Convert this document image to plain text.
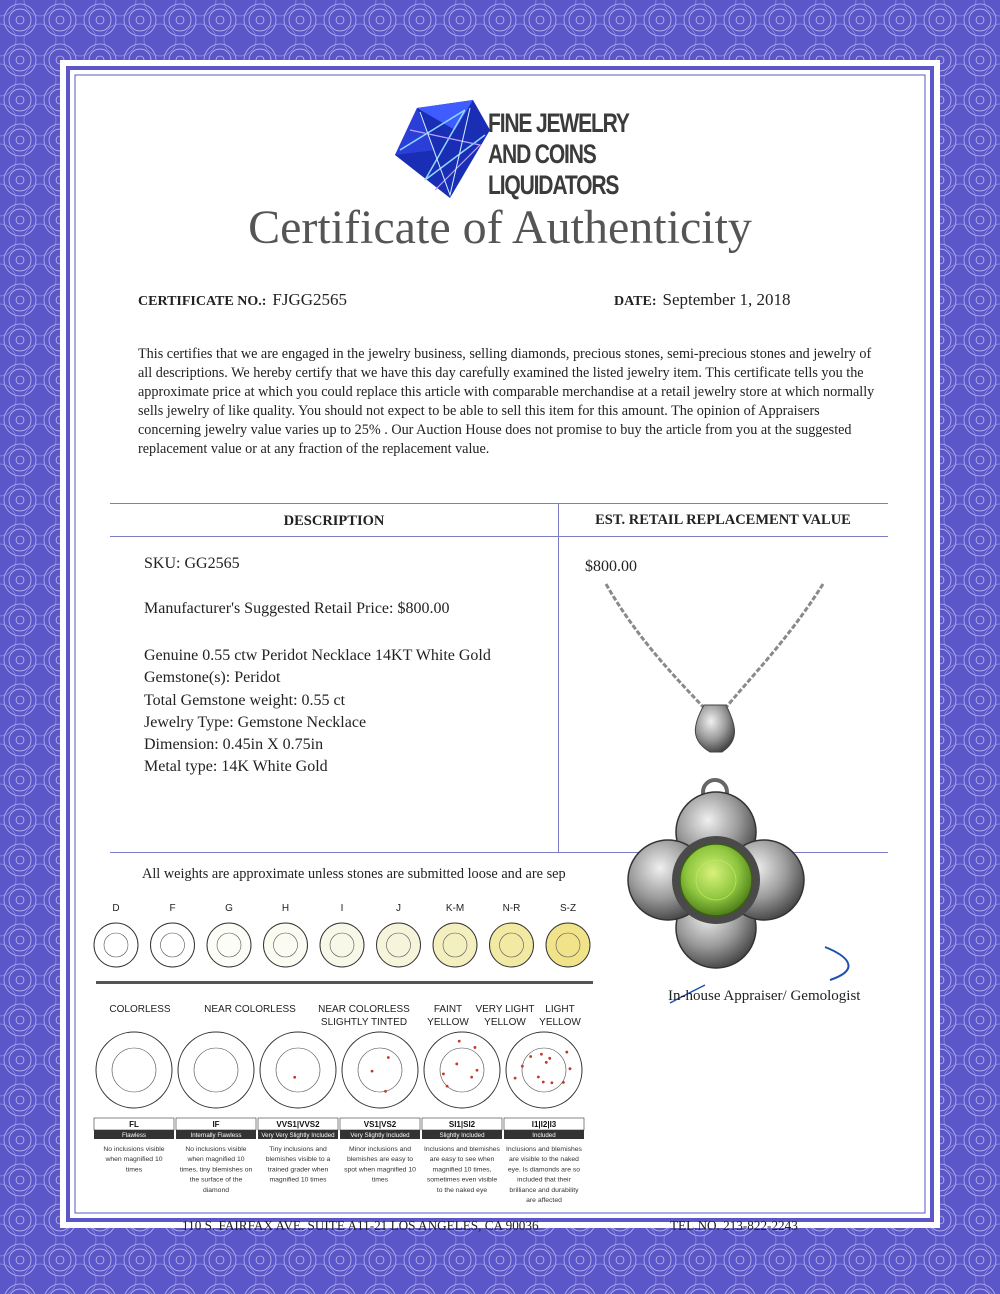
FINE JEWELRY
AND COINS
LIQUIDATORS
Certificate of Authenticity
CERTIFICATE NO.: FJGG2565	DATE: September 1, 2018
This certifies that we are engaged in the jewelry business, selling diamonds, precious stones, semi-precious stones and jewelry of all descriptions. We hereby certify that we have this day carefully examined the listed jewelry item. This certificate tells you the approximate price at which you could replace this article with comparable merchandise at a retail jewelry store at which normally sells jewelry of like quality. You should not expect to be able to sell this item for this amount. The opinion of Appraisers concerning jewelry value varies up to 25% . Our Auction House does not promise to buy the article from you at the suggested replacement value or at any fraction of the replacement value.
DESCRIPTION	EST. RETAIL REPLACEMENT VALUE
SKU: GG2565
Manufacturer's Suggested Retail Price: $800.00
Genuine 0.55 ctw Peridot Necklace 14KT White Gold
Gemstone(s): Peridot
Total Gemstone weight: 0.55 ct
Jewelry Type: Gemstone Necklace
Dimension: 0.45in X 0.75in
Metal type: 14K White Gold
$800.00
All weights are approximate unless stones are submitted loose and are sep
D	F	G	H	I	J	K-M	N-R	S-Z
COLORLESS	NEAR COLORLESS NEAR COLORLESS
SLIGHTLY TINTED
FAINT
YELLOW
VERY LIGHT
YELLOW
LIGHT
YELLOW
FL
Flawless
No inclusions visible
when magnified 10
times
IF
Internally Flawless
No inclusions visible
when magnified 10
times, tiny blemishes on
the surface of the
diamond
VVS1|VVS2
Very Very Slightly Included
Tiny inclusions and
blemishes visible to a
trained grader when
magnified 10 times
VS1|VS2
Very Slightly Included
Minor inclusions and
blemishes are easy to
spot when magnified 10
times
SI1|SI2
Slightly Included
Inclusions and blemishes
are easy to see when
magnified 10 times,
sometimes even visible
to the naked eye
I1|I2|I3
Included
Inclusions and blemishes
are visible to the naked
eye. Is diamonds are so
included that their
brilliance and durability
are affected
In-house Appraiser/ Gemologist
110 S. FAIRFAX AVE. SUITE A11-21 LOS ANGELES, CA 90036	TEL.NO. 213-822-2243
